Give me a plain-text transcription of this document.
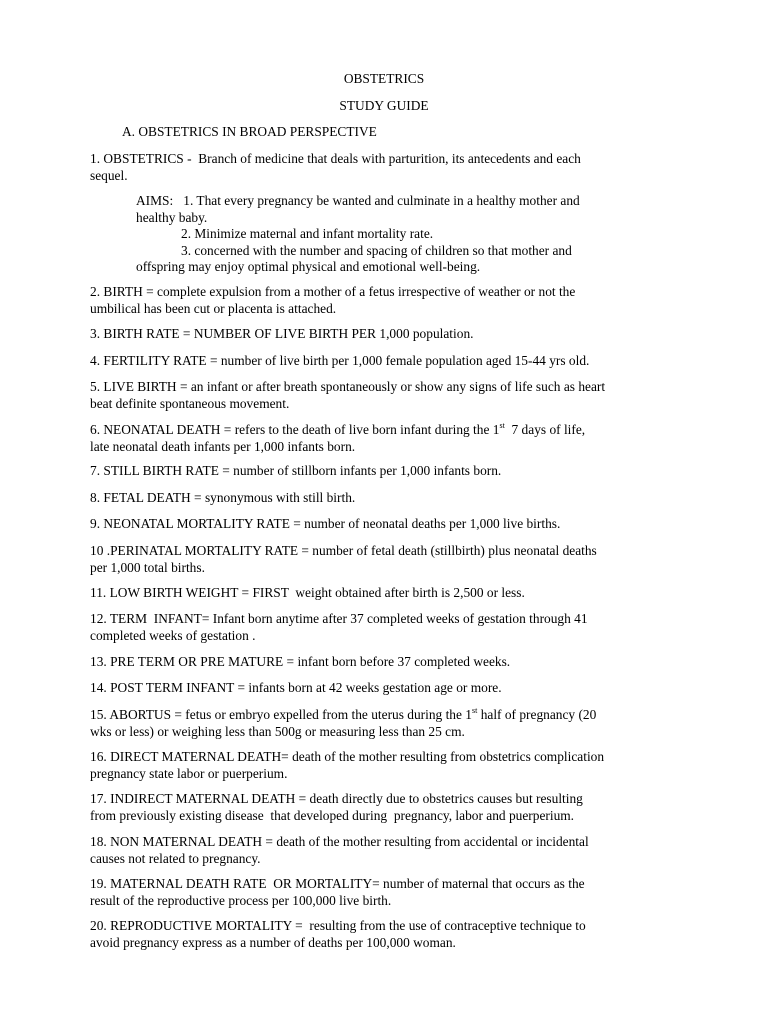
OBSTETRICS
STUDY GUIDE
A. OBSTETRICS IN BROAD PERSPECTIVE
1. OBSTETRICS -  Branch of medicine that deals with parturition, its antecedents and each
sequel.
AIMS:   1. That every pregnancy be wanted and culminate in a healthy mother and
healthy baby.
2. Minimize maternal and infant mortality rate.
3. concerned with the number and spacing of children so that mother and
offspring may enjoy optimal physical and emotional well-being.
2. BIRTH = complete expulsion from a mother of a fetus irrespective of weather or not the
umbilical has been cut or placenta is attached.
3. BIRTH RATE = NUMBER OF LIVE BIRTH PER 1,000 population.
4. FERTILITY RATE = number of live birth per 1,000 female population aged 15-44 yrs old.
5. LIVE BIRTH = an infant or after breath spontaneously or show any signs of life such as heart
beat definite spontaneous movement.
6. NEONATAL DEATH = refers to the death of live born infant during the 1st  7 days of life,
late neonatal death infants per 1,000 infants born.
7. STILL BIRTH RATE = number of stillborn infants per 1,000 infants born.
8. FETAL DEATH = synonymous with still birth.
9. NEONATAL MORTALITY RATE = number of neonatal deaths per 1,000 live births.
10 .PERINATAL MORTALITY RATE = number of fetal death (stillbirth) plus neonatal deaths
per 1,000 total births.
11. LOW BIRTH WEIGHT = FIRST  weight obtained after birth is 2,500 or less.
12. TERM  INFANT= Infant born anytime after 37 completed weeks of gestation through 41
completed weeks of gestation .
13. PRE TERM OR PRE MATURE = infant born before 37 completed weeks.
14. POST TERM INFANT = infants born at 42 weeks gestation age or more.
15. ABORTUS = fetus or embryo expelled from the uterus during the 1st half of pregnancy (20
wks or less) or weighing less than 500g or measuring less than 25 cm.
16. DIRECT MATERNAL DEATH= death of the mother resulting from obstetrics complication
pregnancy state labor or puerperium.
17. INDIRECT MATERNAL DEATH = death directly due to obstetrics causes but resulting
from previously existing disease  that developed during  pregnancy, labor and puerperium.
18. NON MATERNAL DEATH = death of the mother resulting from accidental or incidental
causes not related to pregnancy.
19. MATERNAL DEATH RATE  OR MORTALITY= number of maternal that occurs as the
result of the reproductive process per 100,000 live birth.
20. REPRODUCTIVE MORTALITY =  resulting from the use of contraceptive technique to
avoid pregnancy express as a number of deaths per 100,000 woman.
